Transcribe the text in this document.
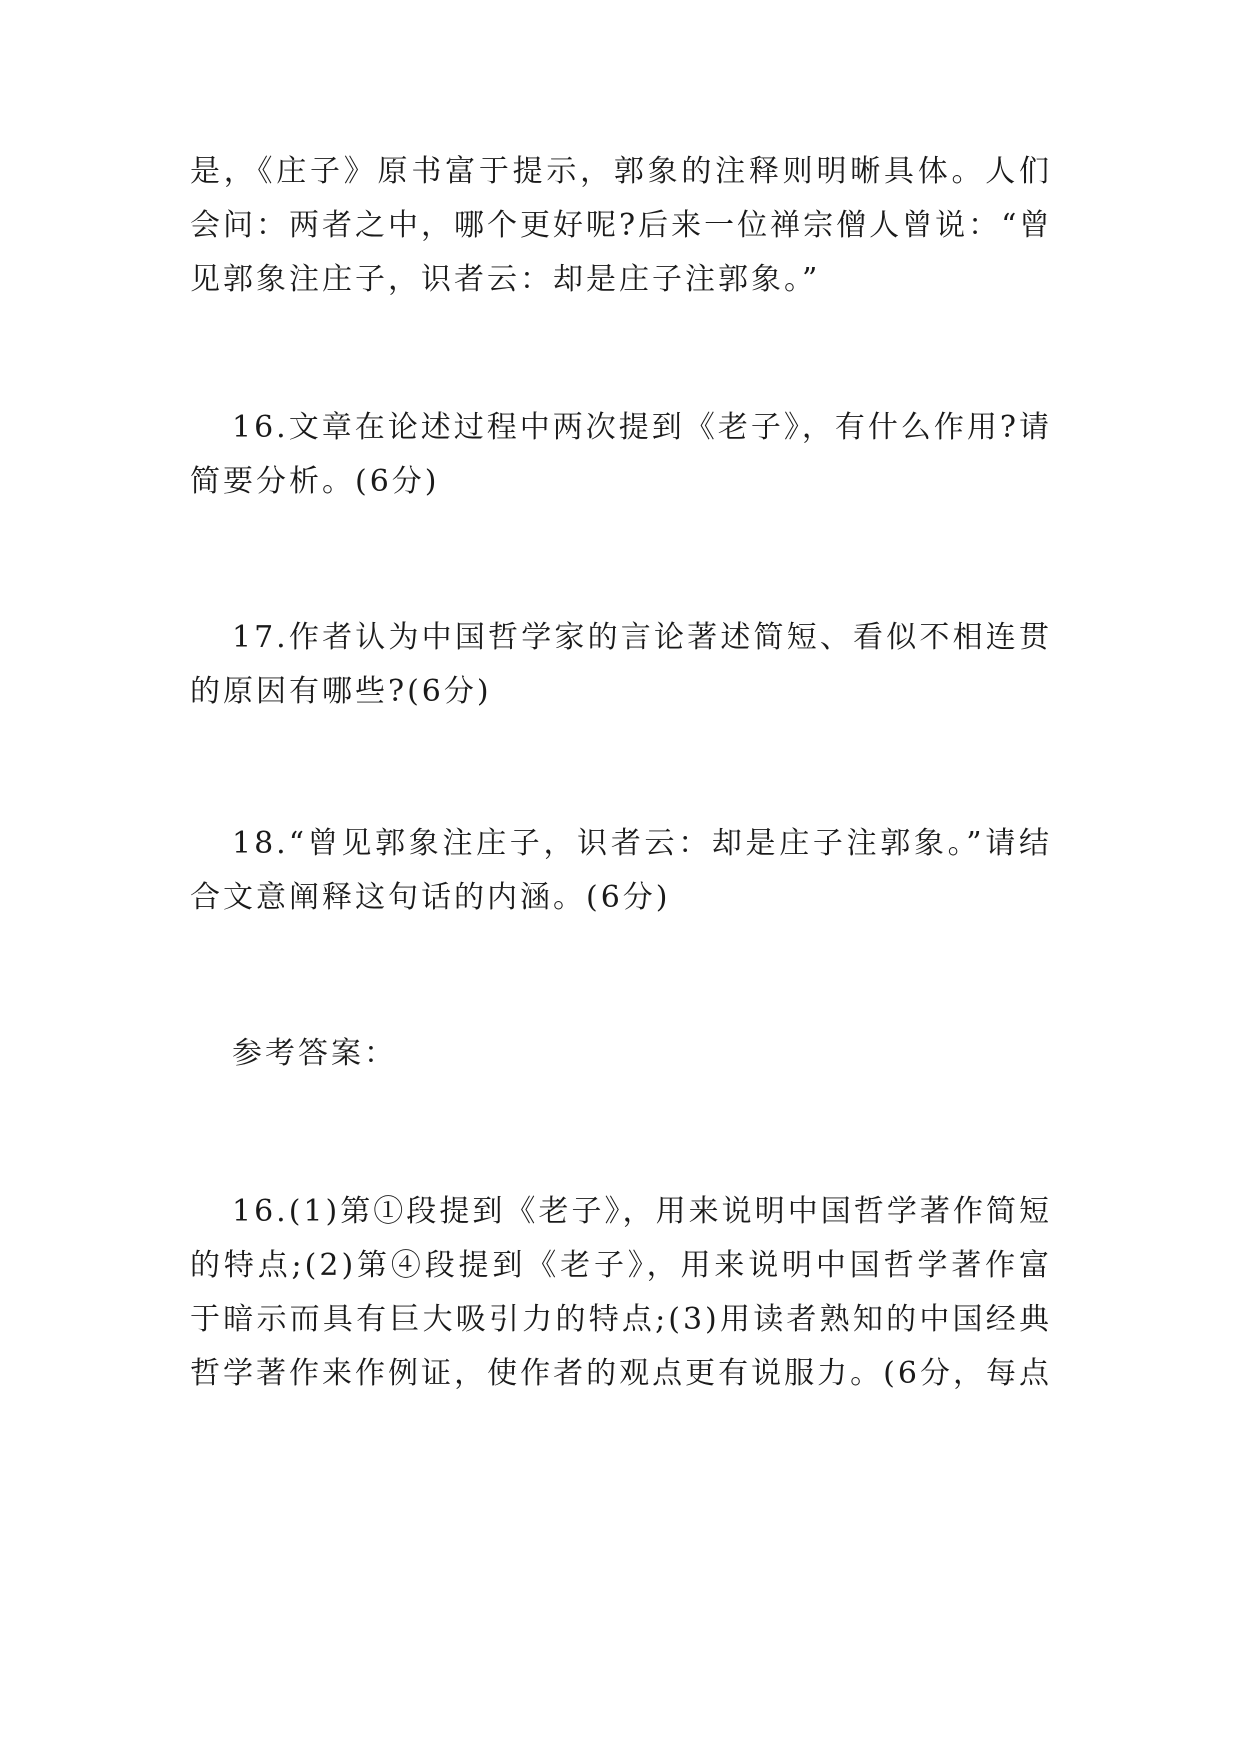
是，《庄子》原书富于提示，郭象的注释则明晰具体。人们
会问：两者之中，哪个更好呢?后来一位禅宗僧人曾说：“曾
见郭象注庄子，识者云：却是庄子注郭象。”

16.文章在论述过程中两次提到《老子》，有什么作用?请
简要分析。(6分)

17.作者认为中国哲学家的言论著述简短、看似不相连贯
的原因有哪些?(6分)

18.“曾见郭象注庄子，识者云：却是庄子注郭象。”请结
合文意阐释这句话的内涵。(6分)

参考答案：

16.(1)第①段提到《老子》，用来说明中国哲学著作简短
的特点;(2)第④段提到《老子》，用来说明中国哲学著作富
于暗示而具有巨大吸引力的特点;(3)用读者熟知的中国经典
哲学著作来作例证，使作者的观点更有说服力。(6分，每点
